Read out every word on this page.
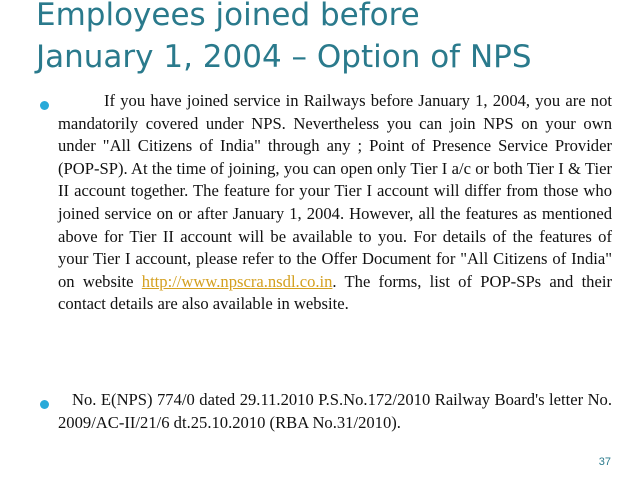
Employees joined before
January 1, 2004 – Option of NPS

If you have joined service in Railways before January 1, 2004, you are not mandatorily covered under NPS. Nevertheless you can join NPS on your own under "All Citizens of India" through any ; Point of Presence Service Provider (POP-SP). At the time of joining, you can open only Tier I a/c or both Tier I & Tier II account together. The feature for your Tier I account will differ from those who joined service on or after January 1, 2004. However, all the features as mentioned above for Tier II account will be available to you. For details of the features of your Tier I account, please refer to the Offer Document for "All Citizens of India" on website http://www.npscra.nsdl.co.in. The forms, list of POP-SPs and their contact details are also available in website.

No. E(NPS) 774/0 dated 29.11.2010 P.S.No.172/2010 Railway Board's letter No. 2009/AC-II/21/6 dt.25.10.2010 (RBA No.31/2010).

37
